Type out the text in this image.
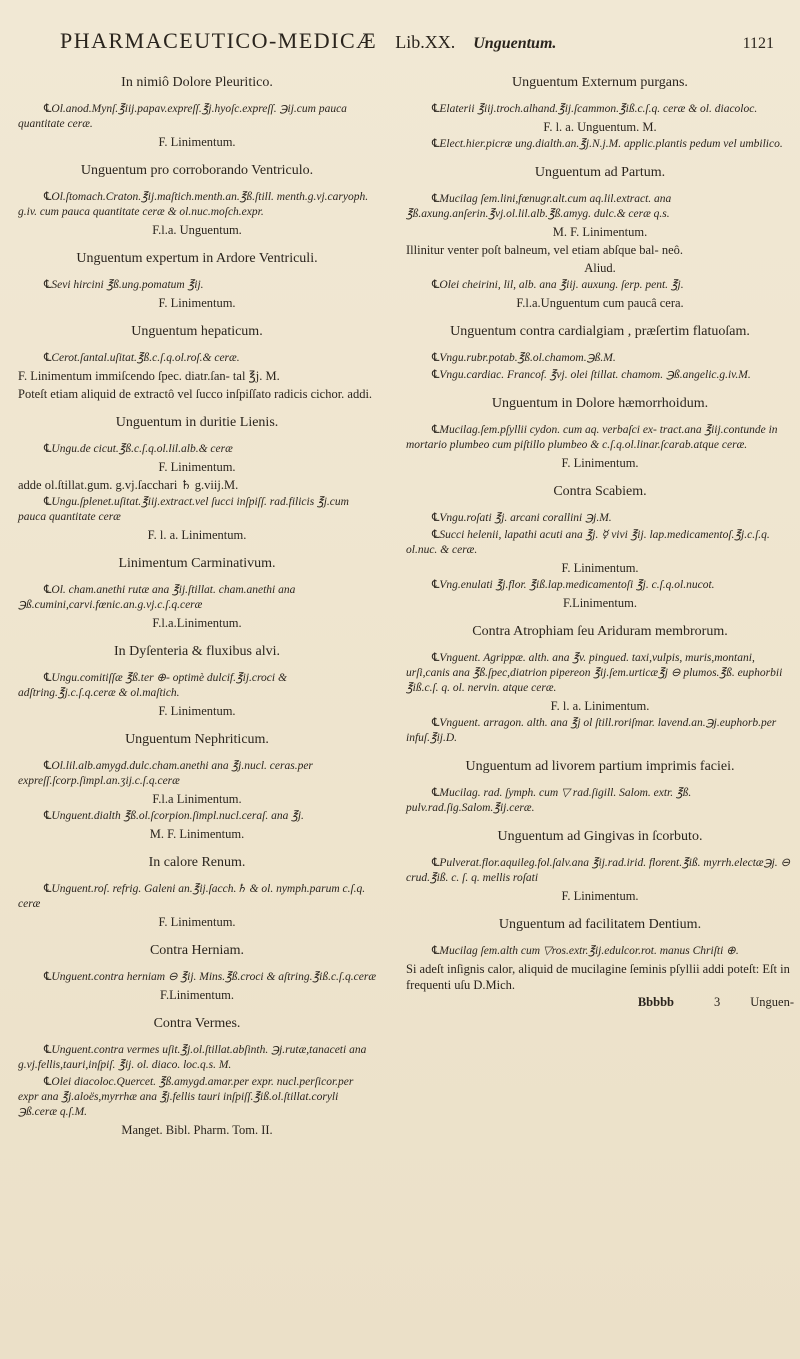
PHARMACEUTICO-MEDICÆ Lib.XX. Unguentum.	1121
In nimiô Dolore Pleuritico.
℄ Ol.anod.Mynſ.℥iij.papav.expreſſ.℥j.hyoſc.expreſſ. ℈ij.cum pauca quantitate ceræ.
F. Linimentum.
Unguentum pro corroborando Ventriculo.
℄ Ol.ſtomach.Craton.℥ij.maſtich.menth.an.℥ß.ſtill. menth.g.vj.caryoph. g.iv. cum pauca quantitate ceræ & ol.nuc.moſch.expr.
F.l.a. Unguentum.
Unguentum expertum in Ardore Ventriculi.
℄ Sevi hircini ℥ß.ung.pomatum ℥ij.
F. Linimentum.
Unguentum hepaticum.
℄ Cerot.ſantal.uſitat.℥ß.c.ſ.q.ol.roſ.& ceræ.
F. Linimentum immiſcendo ſpec. diatr.ſan- tal ℥j. M.
Poteſt etiam aliquid de extractô vel ſucco inſpiſſato radicis cichor. addi.
Unguentum in duritie Lienis.
℄ Ungu.de cicut.℥ß.c.ſ.q.ol.lil.alb.& ceræ
F. Linimentum.
adde ol.ſtillat.gum. g.vj.ſacchari ♄ g.viij.M.
℄ Ungu.ſplenet.uſitat.℥iij.extract.vel ſucci inſpiſſ. rad.filicis ℥j.cum pauca quantitate ceræ
F. l. a. Linimentum.
Linimentum Carminativum.
℄ Ol. cham.anethi rutæ ana ℥ij.ſtillat. cham.anethi ana ℈ß.cumini,carvi.fœnic.an.g.vj.c.ſ.q.ceræ
F.l.a.Linimentum.
In Dyſenteria & fluxibus alvi.
℄ Ungu.comitiſſæ ℥ß.ter ⊕- optimè dulcif.℥ij.croci & adſtring.℥j.c.ſ.q.ceræ & ol.maſtich.
F. Linimentum.
Unguentum Nephriticum.
℄ Ol.lil.alb.amygd.dulc.cham.anethi ana ℥j.nucl. ceras.per expreſſ.ſcorp.ſimpl.an.ʒij.c.ſ.q.ceræ
F.l.a Linimentum.
℄ Unguent.dialth ℥ß.ol.ſcorpion.ſimpl.nucl.ceraſ. ana ℥j.
M. F. Linimentum.
In calore Renum.
℄ Unguent.roſ. refrig. Galeni an.℥ij.ſacch.♄ & ol. nymph.parum c.ſ.q. ceræ
F. Linimentum.
Contra Herniam.
℄ Unguent.contra herniam ⊖ ℥ij. Mins.℥ß.croci & aſtring.℥iß.c.ſ.q.ceræ
F.Linimentum.
Contra Vermes.
℄ Unguent.contra vermes uſit.℥j.ol.ſtillat.abſinth. ℈j.rutæ,tanaceti ana g.vj.fellis,tauri,inſpiſ. ℥ij. ol. diaco. loc.q.s. M.
℄ Olei diacoloc.Quercet. ℥ß.amygd.amar.per expr. nucl.perſicor.per expr ana ℥j.aloës,myrrhæ ana ℥j.fellis tauri inſpiſſ.℥iß.ol.ſtillat.coryli ℈ß.ceræ q.ſ.M.
Manget. Bibl. Pharm. Tom. II.
Unguentum Externum purgans.
℄ Elaterii ℥iij.troch.alhand.℥ij.ſcammon.℥iß.c.ſ.q. ceræ & ol. diacoloc.
F. l. a. Unguentum. M.
℄ Elect.hier.picræ ung.dialth.an.℥j.N.j.M. applic.plantis pedum vel umbilico.
Unguentum ad Partum.
℄ Mucilag ſem.lini,fœnugr.alt.cum aq.lil.extract. ana ℥ß.axung.anſerin.℥vj.ol.lil.alb.℥ß.amyg. dulc.& ceræ q.s.
M. F. Linimentum.
Illinitur venter poſt balneum, vel etiam abſque bal- neô.
Aliud.
℄ Olei cheirini, lil, alb. ana ℥iij. auxung. ſerp. pent. ℥j.
F.l.a.Unguentum cum paucâ cera.
Unguentum contra cardialgiam , præſertim flatuoſam.
℄ Vngu.rubr.potab.℥ß.ol.chamom.℈ß.M.
℄ Vngu.cardiac. Francof. ℥vj. olei ſtillat. chamom. ℈ß.angelic.g.iv.M.
Unguentum in Dolore hæmorrhoidum.
℄ Mucilag.ſem.pſyllii cydon. cum aq. verbaſci ex- tract.ana ℥iij.contunde in mortario plumbeo cum piſtillo plumbeo & c.ſ.q.ol.linar.ſcarab.atque ceræ.
F. Linimentum.
Contra Scabiem.
℄ Vngu.roſati ℥j. arcani corallini ℈j.M.
℄ Succi helenii, lapathi acuti ana ℥j. ☿ vivi ℥ij. lap.medicamentoſ.℥j.c.ſ.q. ol.nuc. & ceræ.
F. Linimentum.
℄ Vng.enulati ℥j.flor. ℥iß.lap.medicamentoſi ℥j. c.ſ.q.ol.nucot.
F.Linimentum.
Contra Atrophiam ſeu Ariduram membrorum.
℄ Vnguent. Agrippæ. alth. ana ℥v. pingued. taxi,vulpis, muris,montani, urſi,canis ana ℥ß.ſpec,diatrion pipereon ℥ij.ſem.urticæ℥j ⊖ plumos.℥ß. euphorbii ℥iß.c.ſ. q. ol. nervin. atque ceræ.
F. l. a. Linimentum.
℄ Vnguent. arragon. alth. ana ℥j ol ſtill.roriſmar. lavend.an.℈j.euphorb.per infuſ.℥ij.D.
Unguentum ad livorem partium imprimis faciei.
℄ Mucilag. rad. ſymph. cum ▽ rad.ſigill. Salom. extr. ℥ß. pulv.rad.ſig.Salom.℥ij.ceræ.
Unguentum ad Gingivas in ſcorbuto.
℄ Pulverat.flor.aquileg.fol.ſalv.ana ℥ij.rad.irid. florent.℥iß. myrrh.electæ℈j. ⊖ crud.℥iß. c. ſ. q. mellis roſati
F. Linimentum.
Unguentum ad facilitatem Dentium.
℄ Mucilag ſem.alth cum ▽ros.extr.℥ij.edulcor.rot. manus Chriſti ⊕.
Si adeſt inſignis calor, aliquid de mucilagine ſeminis pſyllii addi poteſt: Eſt in frequenti uſu D.Mich.
Bbbbb	3 Unguen-
